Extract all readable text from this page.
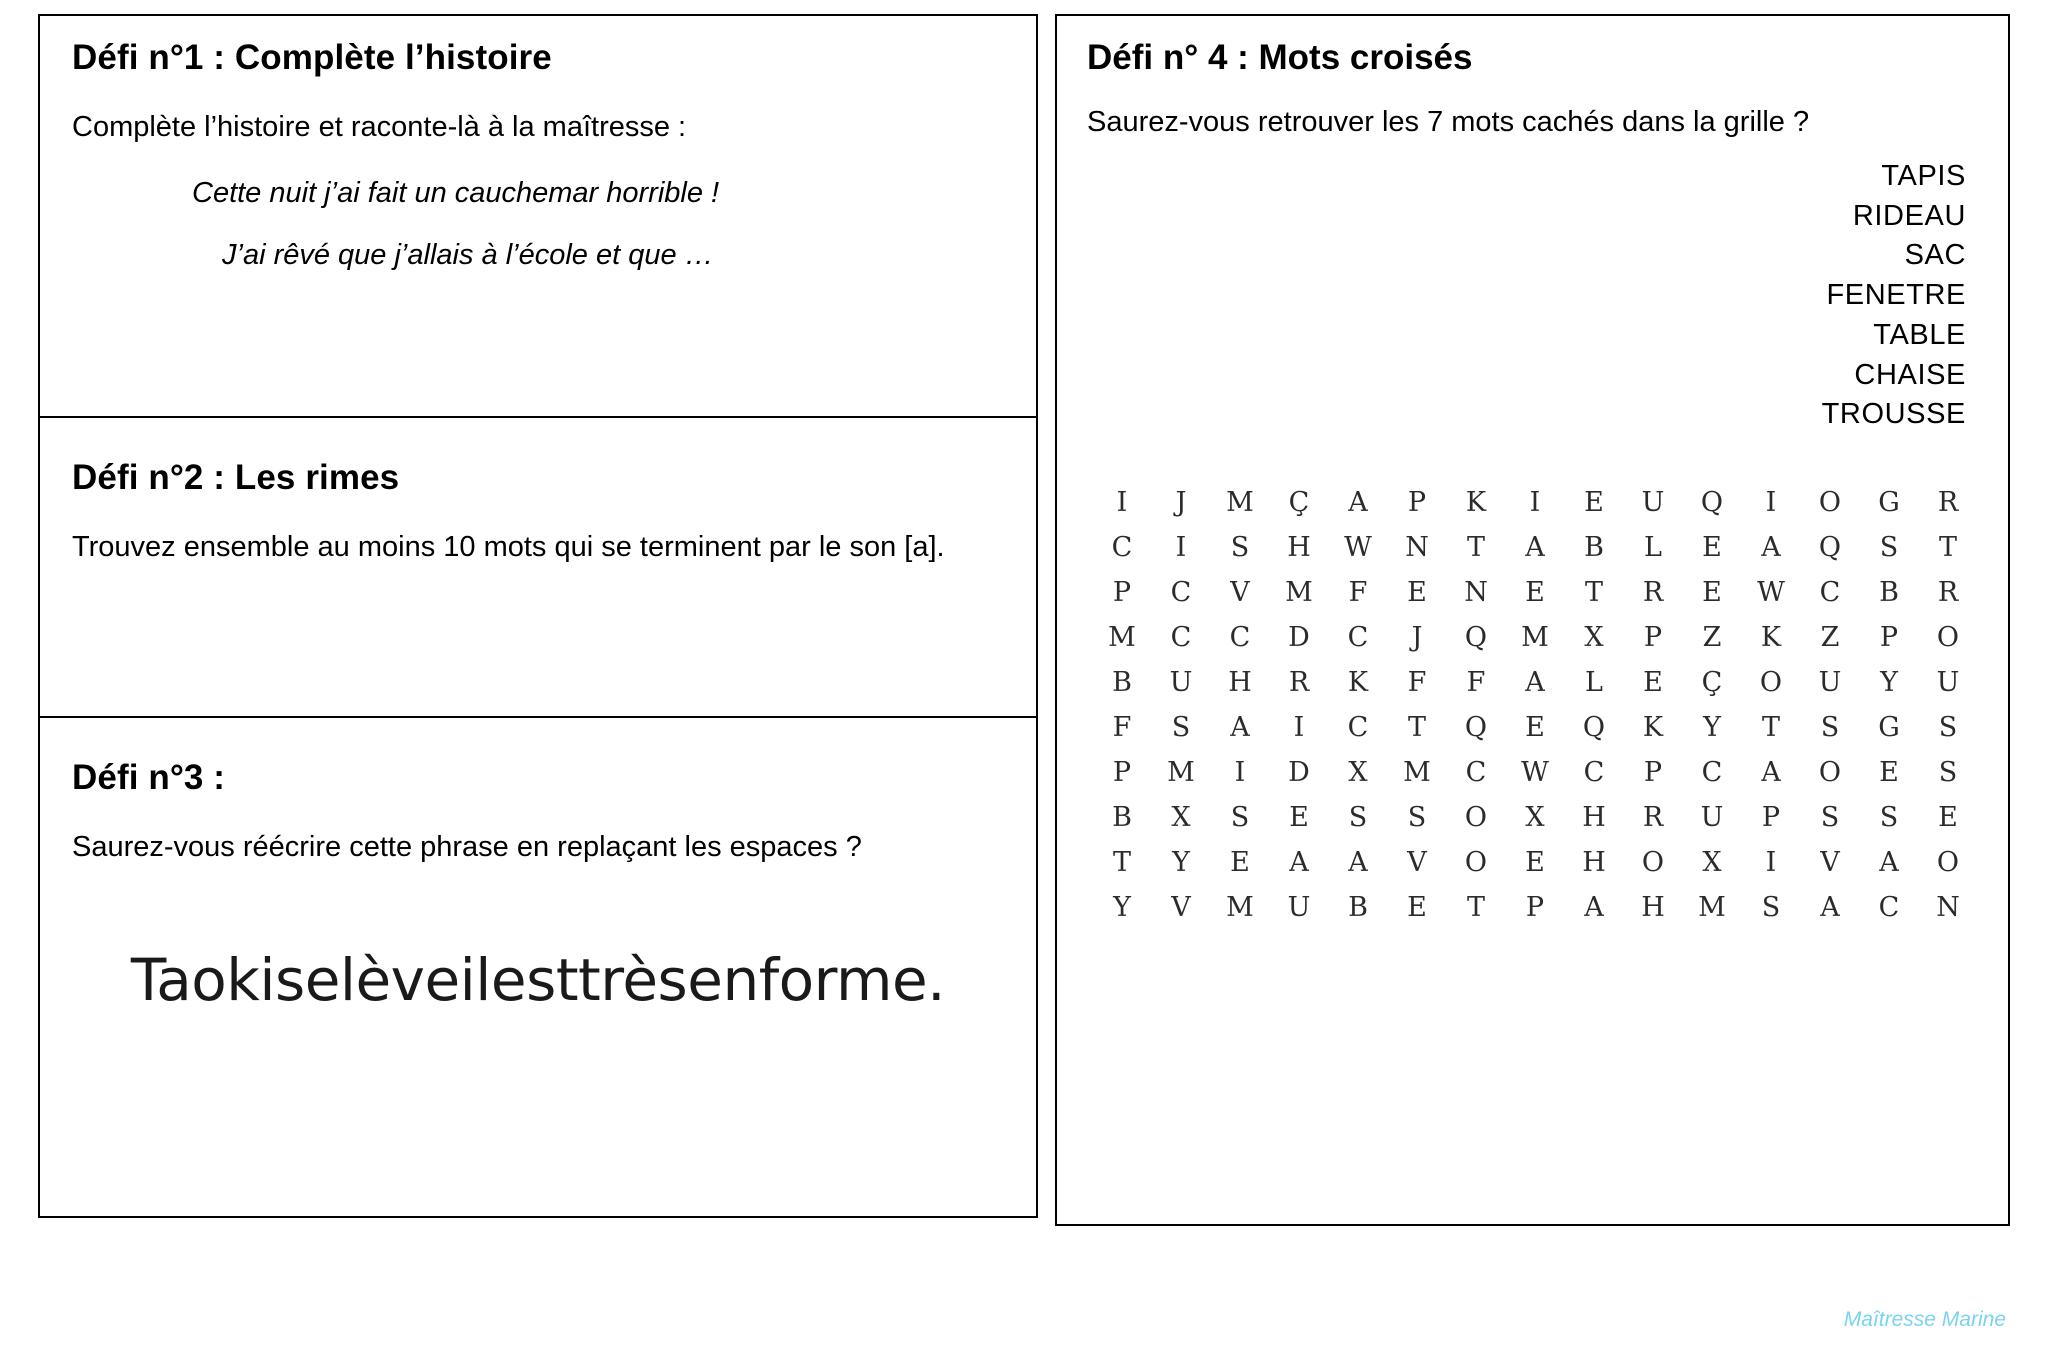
Défi n°1 : Complète l’histoire

Complète l’histoire et raconte-là à la maîtresse :

Cette nuit j’ai fait un cauchemar horrible !

J’ai rêvé que j’allais à l’école et que …

Défi n°2 : Les rimes

Trouvez ensemble au moins 10 mots qui se terminent par le son [a].

Défi n°3 :

Saurez-vous réécrire cette phrase en replaçant les espaces ?

Taokiselèveilesttrèsenforme.
Défi n° 4 : Mots croisés

Saurez-vous retrouver les 7 mots cachés dans la grille ?

TAPIS
RIDEAU
SAC
FENETRE
TABLE
CHAISE
TROUSSE
I	J	M	Ç	A	P	K	I	E	U	Q	I	O	G	R
C	I	S	H	W	N	T	A	B	L	E	A	Q	S	T
P	C	V	M	F	E	N	E	T	R	E	W	C	B	R
M	C	C	D	C	J	Q	M	X	P	Z	K	Z	P	O
B	U	H	R	K	F	F	A	L	E	Ç	O	U	Y	U
F	S	A	I	C	T	Q	E	Q	K	Y	T	S	G	S
P	M	I	D	X	M	C	W	C	P	C	A	O	E	S
B	X	S	E	S	S	O	X	H	R	U	P	S	S	E
T	Y	E	A	A	V	O	E	H	O	X	I	V	A	O
Y	V	M	U	B	E	T	P	A	H	M	S	A	C	N
Maîtresse Marine
